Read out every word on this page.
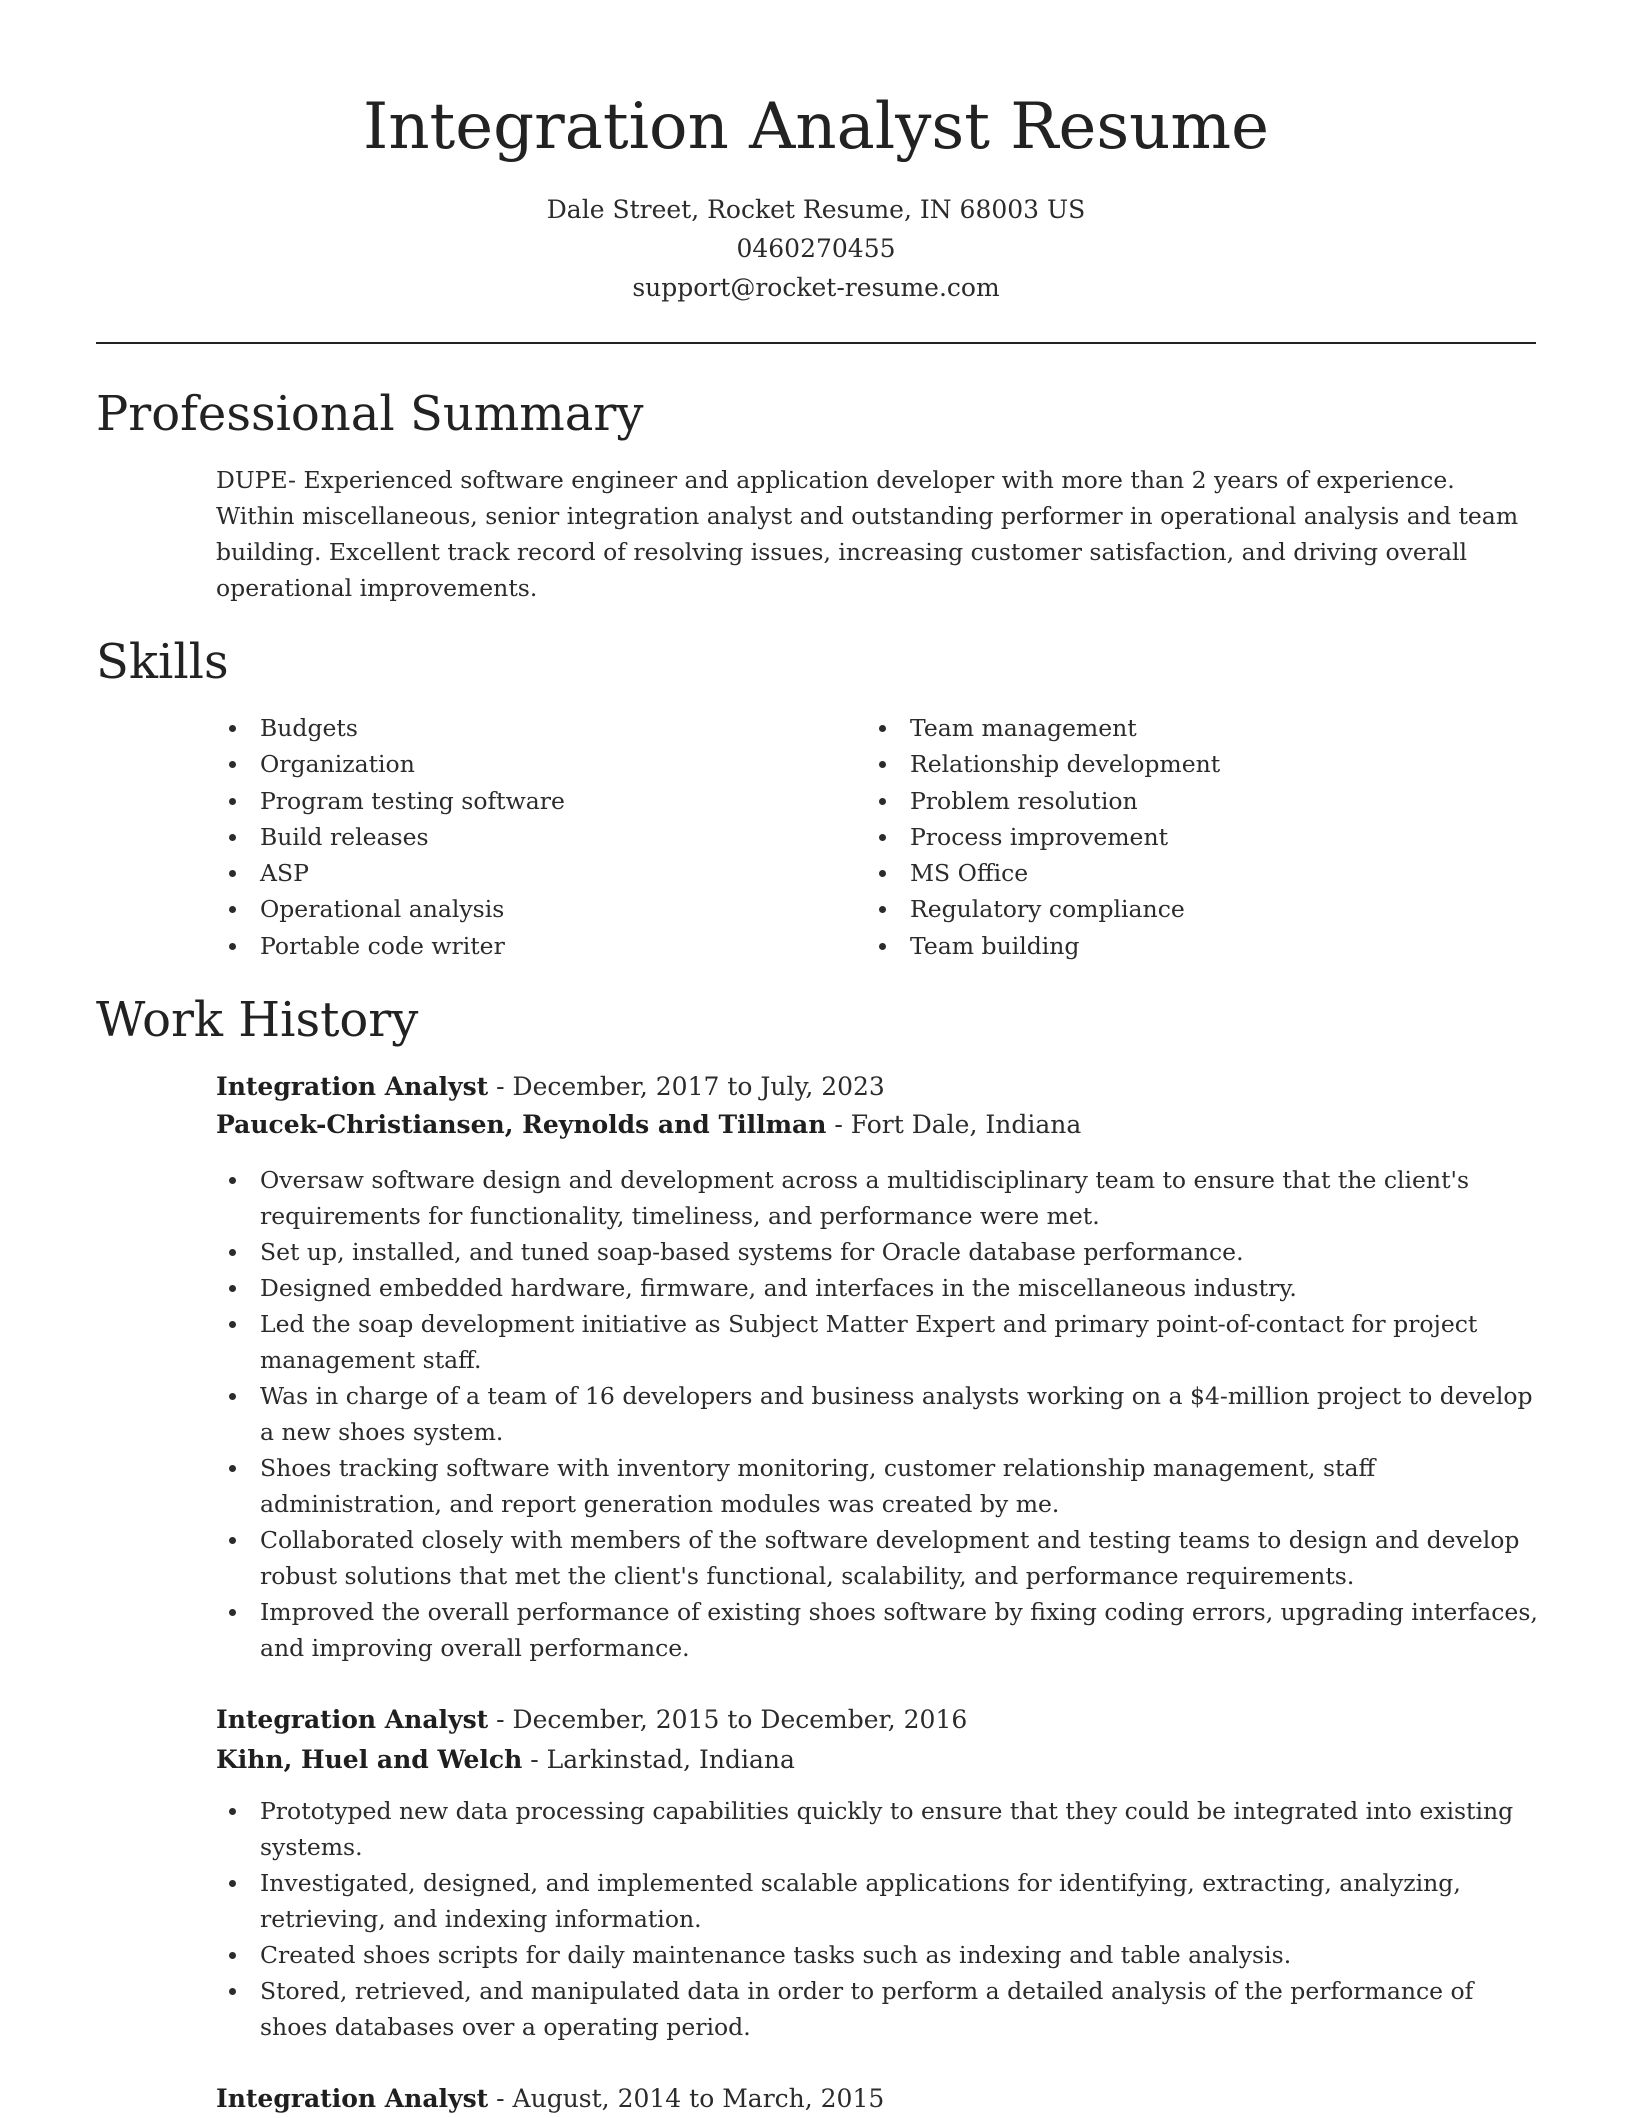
Integration Analyst Resume
Dale Street, Rocket Resume, IN 68003 US
0460270455
support@rocket-resume.com
Professional Summary

DUPE- Experienced software engineer and application developer with more than 2 years of experience. Within miscellaneous, senior integration analyst and outstanding performer in operational analysis and team building. Excellent track record of resolving issues, increasing customer satisfaction, and driving overall operational improvements.

Skills
Budgets
Organization
Program testing software
Build releases
ASP
Operational analysis
Portable code writer
Team management
Relationship development
Problem resolution
Process improvement
MS Office
Regulatory compliance
Team building
Work History
Integration Analyst - December, 2017 to July, 2023
Paucek-Christiansen, Reynolds and Tillman - Fort Dale, Indiana
Oversaw software design and development across a multidisciplinary team to ensure that the client's requirements for functionality, timeliness, and performance were met.
Set up, installed, and tuned soap-based systems for Oracle database performance.
Designed embedded hardware, firmware, and interfaces in the miscellaneous industry.
Led the soap development initiative as Subject Matter Expert and primary point-of-contact for project management staff.
Was in charge of a team of 16 developers and business analysts working on a $4-million project to develop a new shoes system.
Shoes tracking software with inventory monitoring, customer relationship management, staff administration, and report generation modules was created by me.
Collaborated closely with members of the software development and testing teams to design and develop robust solutions that met the client's functional, scalability, and performance requirements.
Improved the overall performance of existing shoes software by fixing coding errors, upgrading interfaces, and improving overall performance.
Integration Analyst - December, 2015 to December, 2016
Kihn, Huel and Welch - Larkinstad, Indiana
Prototyped new data processing capabilities quickly to ensure that they could be integrated into existing systems.
Investigated, designed, and implemented scalable applications for identifying, extracting, analyzing, retrieving, and indexing information.
Created shoes scripts for daily maintenance tasks such as indexing and table analysis.
Stored, retrieved, and manipulated data in order to perform a detailed analysis of the performance of shoes databases over a operating period.
Integration Analyst - August, 2014 to March, 2015
